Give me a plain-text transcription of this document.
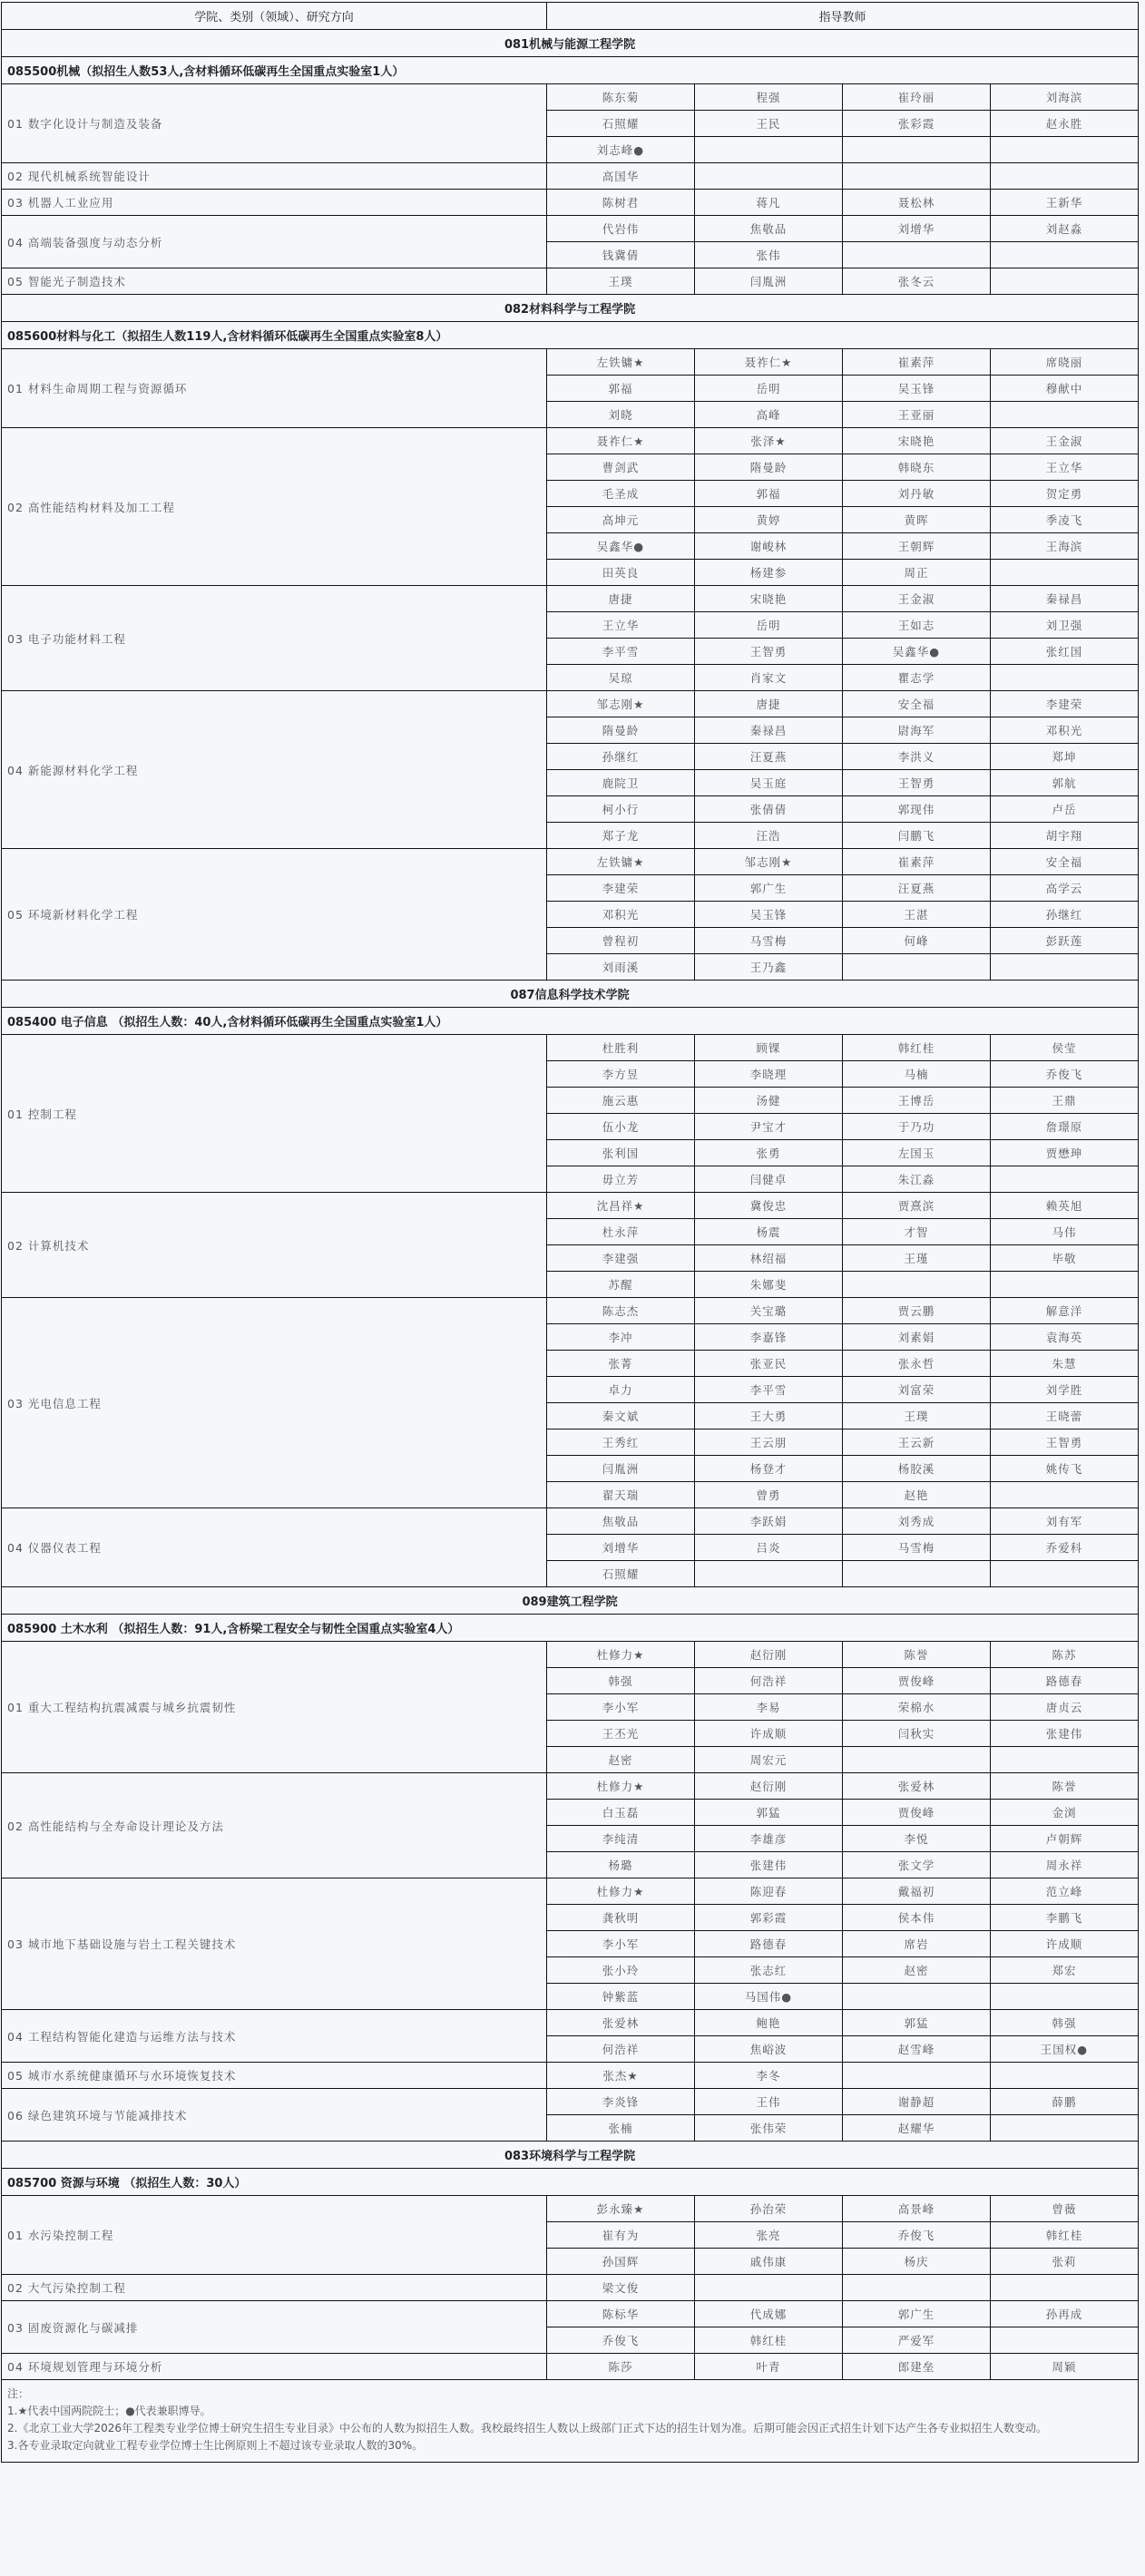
学院、类别（领域）、研究方向	指导教师			
081机械与能源工程学院				
085500机械（拟招生人数53人,含材料循环低碳再生全国重点实验室1人）				
01 数字化设计与制造及装备	陈东菊	程强	崔玲丽	刘海滨
	石照耀	王民	张彩霞	赵永胜
	刘志峰●			
02 现代机械系统智能设计	高国华			
03 机器人工业应用	陈树君	蒋凡	聂松林	王新华
04 高端装备强度与动态分析	代岩伟	焦敬品	刘增华	刘赵淼
	钱冀倩	张伟		
05 智能光子制造技术	王璞	闫胤洲	张冬云	
082材料科学与工程学院				
085600材料与化工（拟招生人数119人,含材料循环低碳再生全国重点实验室8人）				
01 材料生命周期工程与资源循环	左铁镛★	聂祚仁★	崔素萍	席晓丽
	郭福	岳明	吴玉锋	穆献中
	刘晓	高峰	王亚丽	
02 高性能结构材料及加工工程	聂祚仁★	张泽★	宋晓艳	王金淑
	曹剑武	隋曼龄	韩晓东	王立华
	毛圣成	郭福	刘丹敏	贺定勇
	高坤元	黄婷	黄晖	季凌飞
	吴鑫华●	谢峻林	王朝辉	王海滨
	田英良	杨建参	周正	
03 电子功能材料工程	唐捷	宋晓艳	王金淑	秦禄昌
	王立华	岳明	王如志	刘卫强
	李平雪	王智勇	吴鑫华●	张红国
	吴琼	肖家文	瞿志学	
04 新能源材料化学工程	邹志刚★	唐捷	安全福	李建荣
	隋曼龄	秦禄昌	尉海军	邓积光
	孙继红	汪夏燕	李洪义	郑坤
	鹿院卫	吴玉庭	王智勇	郭航
	柯小行	张倩倩	郭现伟	卢岳
	郑子龙	汪浩	闫鹏飞	胡宇翔
05 环境新材料化学工程	左铁镛★	邹志刚★	崔素萍	安全福
	李建荣	郭广生	汪夏燕	高学云
	邓积光	吴玉锋	王湛	孙继红
	曾程初	马雪梅	何峰	彭跃莲
	刘雨溪	王乃鑫		
087信息科学技术学院				
085400 电子信息 （拟招生人数：40人,含材料循环低碳再生全国重点实验室1人）				
01 控制工程	杜胜利	顾锞	韩红桂	侯莹
	李方昱	李晓理	马楠	乔俊飞
	施云惠	汤健	王博岳	王鼎
	伍小龙	尹宝才	于乃功	詹璟原
	张利国	张勇	左国玉	贾懋珅
	毋立芳	闫健卓	朱江淼	
02 计算机技术	沈昌祥★	冀俊忠	贾熹滨	赖英旭
	杜永萍	杨震	才智	马伟
	李建强	林绍福	王瑾	毕敬
	苏醒	朱娜斐		
03 光电信息工程	陈志杰	关宝璐	贾云鹏	解意洋
	李冲	李嘉锋	刘素娟	袁海英
	张菁	张亚民	张永哲	朱慧
	卓力	李平雪	刘富荣	刘学胜
	秦文斌	王大勇	王璞	王晓蕾
	王秀红	王云朋	王云新	王智勇
	闫胤洲	杨登才	杨胶溪	姚传飞
	翟天瑞	曾勇	赵艳	
04 仪器仪表工程	焦敬品	李跃娟	刘秀成	刘有军
	刘增华	吕炎	马雪梅	乔爱科
	石照耀			
089建筑工程学院				
085900 土木水利 （拟招生人数：91人,含桥梁工程安全与韧性全国重点实验室4人）				
01 重大工程结构抗震减震与城乡抗震韧性	杜修力★	赵衍刚	陈誉	陈苏
	韩强	何浩祥	贾俊峰	路德春
	李小军	李易	荣棉水	唐贞云
	王丕光	许成顺	闫秋实	张建伟
	赵密	周宏元		
02 高性能结构与全寿命设计理论及方法	杜修力★	赵衍刚	张爱林	陈誉
	白玉磊	郭猛	贾俊峰	金浏
	李纯清	李雄彦	李悦	卢朝辉
	杨璐	张建伟	张文学	周永祥
03 城市地下基础设施与岩土工程关键技术	杜修力★	陈迎春	戴福初	范立峰
	龚秋明	郭彩霞	侯本伟	李鹏飞
	李小军	路德春	席岩	许成顺
	张小玲	张志红	赵密	郑宏
	钟紫蓝	马国伟●		
04 工程结构智能化建造与运维方法与技术	张爱林	鲍艳	郭猛	韩强
	何浩祥	焦峪波	赵雪峰	王国权●
05 城市水系统健康循环与水环境恢复技术	张杰★	李冬		
06 绿色建筑环境与节能减排技术	李炎锋	王伟	谢静超	薛鹏
	张楠	张伟荣	赵耀华	
083环境科学与工程学院				
085700 资源与环境 （拟招生人数：30人）				
01 水污染控制工程	彭永臻★	孙治荣	高景峰	曾薇
	崔有为	张亮	乔俊飞	韩红桂
	孙国辉	戚伟康	杨庆	张莉
02 大气污染控制工程	梁文俊			
03 固废资源化与碳减排	陈标华	代成娜	郭广生	孙再成
	乔俊飞	韩红桂	严爱军	
04 环境规划管理与环境分析	陈莎	叶青	郎建垒	周颖

注：
1.★代表中国两院院士；●代表兼职博导。
2.《北京工业大学2026年工程类专业学位博士研究生招生专业目录》中公布的人数为拟招生人数。我校最终招生人数以上级部门正式下达的招生计划为准。后期可能会因正式招生计划下达产生各专业拟招生人数变动。
3.各专业录取定向就业工程专业学位博士生比例原则上不超过该专业录取人数的30%。				
